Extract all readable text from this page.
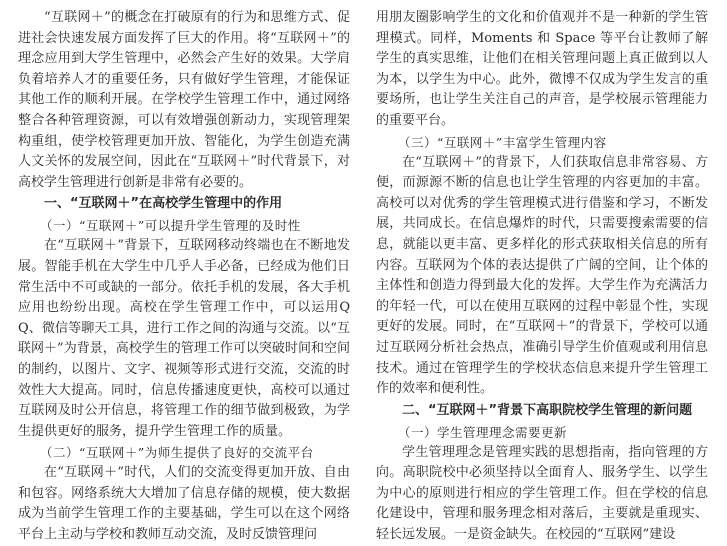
“互联网＋”的概念在打破原有的行为和思维方式、促进社会快速发展方面发挥了巨大的作用。将“互联网＋”的理念应用到大学生管理中，必然会产生好的效果。大学肩负着培养人才的重要任务，只有做好学生管理，才能保证其他工作的顺利开展。在学校学生管理工作中，通过网络整合各种管理资源，可以有效增强创新动力，实现管理架构重组，使学校管理更加开放、智能化，为学生创造充满人文关怀的发展空间，因此在“互联网＋”时代背景下，对高校学生管理进行创新是非常有必要的。

一、“互联网＋”在高校学生管理中的作用

（一）“互联网＋”可以提升学生管理的及时性

在“互联网＋”背景下，互联网移动终端也在不断地发展。智能手机在大学生中几乎人手必备，已经成为他们日常生活中不可或缺的一部分。依托手机的发展，各大手机应用也纷纷出现。高校在学生管理工作中，可以运用QQ、微信等聊天工具，进行工作之间的沟通与交流。以“互联网＋”为背景，高校学生的管理工作可以突破时间和空间的制约，以图片、文字、视频等形式进行交流，交流的时效性大大提高。同时，信息传播速度更快，高校可以通过互联网及时公开信息，将管理工作的细节做到极致，为学生提供更好的服务，提升学生管理工作的质量。

（二）“互联网＋”为师生提供了良好的交流平台

在“互联网＋”时代，人们的交流变得更加开放、自由和包容。网络系统大大增加了信息存储的规模，使大数据成为当前学生管理工作的主要基础，学生可以在这个网络平台上主动与学校和教师互动交流，及时反馈管理问

用朋友圈影响学生的文化和价值观并不是一种新的学生管理模式。同样，Moments 和 Space 等平台让教师了解学生的真实思维，让他们在相关管理问题上真正做到以人为本，以学生为中心。此外，微博不仅成为学生发言的重要场所，也让学生关注自己的声音，是学校展示管理能力的重要平台。

（三）“互联网＋”丰富学生管理内容

在“互联网＋”的背景下，人们获取信息非常容易、方便，而源源不断的信息也让学生管理的内容更加的丰富。高校可以对优秀的学生管理模式进行借鉴和学习，不断发展，共同成长。在信息爆炸的时代，只需要搜索需要的信息，就能以更丰富、更多样化的形式获取相关信息的所有内容。互联网为个体的表达提供了广阔的空间，让个体的主体性和创造力得到最大化的发挥。大学生作为充满活力的年轻一代，可以在使用互联网的过程中彰显个性，实现更好的发展。同时，在“互联网＋”的背景下，学校可以通过互联网分析社会热点，准确引导学生价值观或利用信息技术。通过在管理学生的学校状态信息来提升学生管理工作的效率和便利性。

二、“互联网＋”背景下高职院校学生管理的新问题

（一）学生管理理念需要更新

学生管理理念是管理实践的思想指南，指向管理的方向。高职院校中必须坚持以全面育人、服务学生、以学生为中心的原则进行相应的学生管理工作。但在学校的信息化建设中，管理和服务理念相对落后，主要就是重现实、轻长远发展。一是资金缺失。在校园的“互联网”建设
